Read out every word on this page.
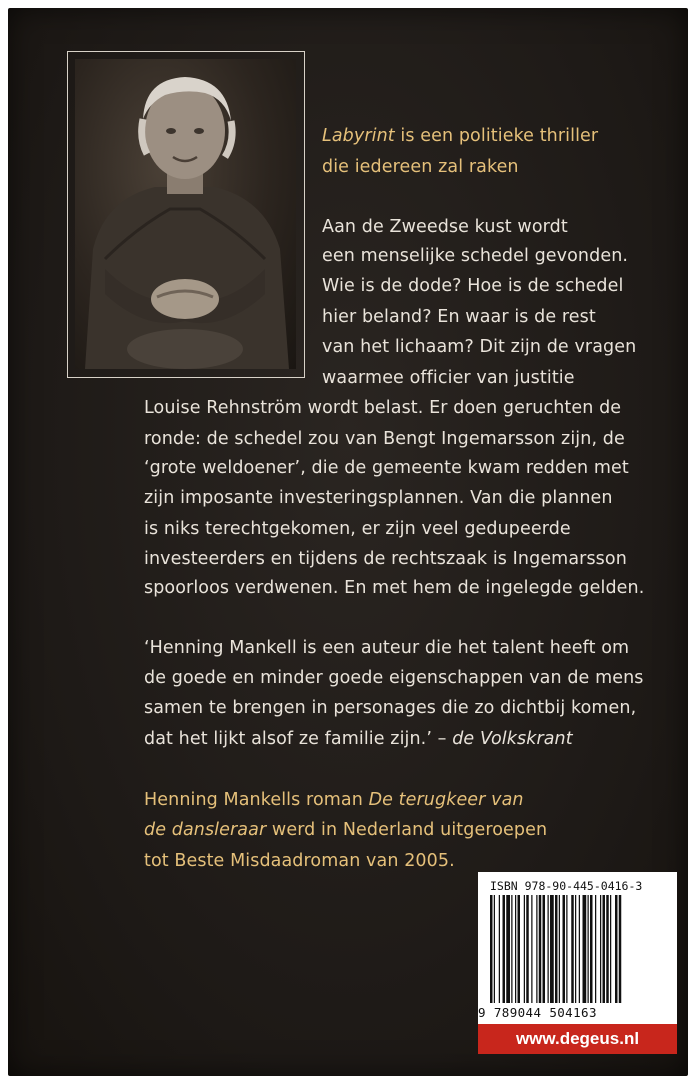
Labyrint is een politieke thriller
die iedereen zal raken
Aan de Zweedse kust wordt
een menselijke schedel gevonden.
Wie is de dode? Hoe is de schedel
hier beland? En waar is de rest
van het lichaam? Dit zijn de vragen
waarmee officier van justitie
Louise Rehnström wordt belast. Er doen geruchten de
ronde: de schedel zou van Bengt Ingemarsson zijn, de
‘grote weldoener’, die de gemeente kwam redden met
zijn imposante investeringsplannen. Van die plannen
is niks terechtgekomen, er zijn veel gedupeerde
investeerders en tijdens de rechtszaak is Ingemarsson
spoorloos verdwenen. En met hem de ingelegde gelden.
‘Henning Mankell is een auteur die het talent heeft om
de goede en minder goede eigenschappen van de mens
samen te brengen in personages die zo dichtbij komen,
dat het lijkt alsof ze familie zijn.’ – de Volkskrant
Henning Mankells roman De terugkeer van
de dansleraar werd in Nederland uitgeroepen
tot Beste Misdaadroman van 2005.
ISBN 978-90-445-0416-3
9 789044 504163
www.degeus.nl
